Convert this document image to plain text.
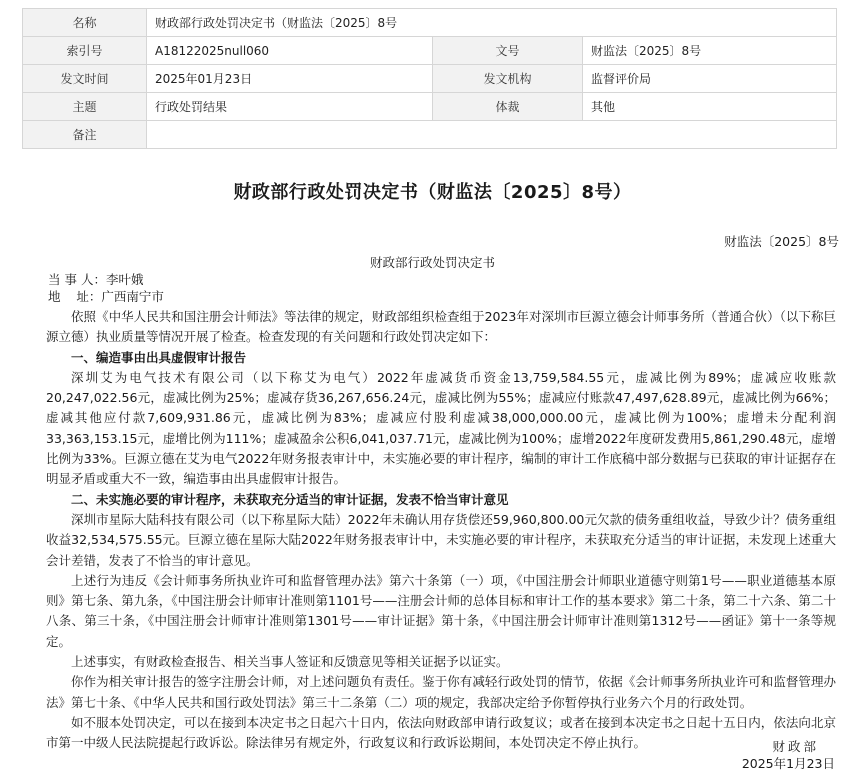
名称	财政部行政处罚决定书（财监法〔2025〕8号		
索引号	A18122025null060	文号	财监法〔2025〕8号
发文时间	2025年01月23日	发文机构	监督评价局
主题	行政处罚结果	体裁	其他
备注			
财政部行政处罚决定书（财监法〔2025〕8号）
财监法〔2025〕8号
财政部行政处罚决定书
当 事 人：李叶娥
地    址：广西南宁市

依照《中华人民共和国注册会计师法》等法律的规定，财政部组织检查组于2023年对深圳市巨源立德会计师事务所（普通合伙）（以下称巨源立德）执业质量等情况开展了检查。检查发现的有关问题和行政处罚决定如下：

一、编造事由出具虚假审计报告

深圳艾为电气技术有限公司（以下称艾为电气）2022年虚减货币资金13,759,584.55元，虚减比例为89%；虚减应收账款20,247,022.56元，虚减比例为25%；虚减存货36,267,656.24元，虚减比例为55%；虚减应付账款47,497,628.89元，虚减比例为66%；虚减其他应付款7,609,931.86元，虚减比例为83%；虚减应付股利虚减38,000,000.00元，虚减比例为100%；虚增未分配利润33,363,153.15元，虚增比例为111%；虚减盈余公积6,041,037.71元，虚减比例为100%；虚增2022年度研发费用5,861,290.48元，虚增比例为33%。巨源立德在艾为电气2022年财务报表审计中，未实施必要的审计程序，编制的审计工作底稿中部分数据与已获取的审计证据存在明显矛盾或重大不一致，编造事由出具虚假审计报告。

二、未实施必要的审计程序，未获取充分适当的审计证据，发表不恰当审计意见

深圳市星际大陆科技有限公司（以下称星际大陆）2022年未确认用存货偿还59,960,800.00元欠款的债务重组收益，导致少计？债务重组收益32,534,575.55元。巨源立德在星际大陆2022年财务报表审计中，未实施必要的审计程序，未获取充分适当的审计证据，未发现上述重大会计差错，发表了不恰当的审计意见。

上述行为违反《会计师事务所执业许可和监督管理办法》第六十条第（一）项，《中国注册会计师职业道德守则第1号——职业道德基本原则》第七条、第九条，《中国注册会计师审计准则第1101号——注册会计师的总体目标和审计工作的基本要求》第二十条，第二十六条、第二十八条、第三十条，《中国注册会计师审计准则第1301号——审计证据》第十条，《中国注册会计师审计准则第1312号——函证》第十一条等规定。

上述事实，有财政检查报告、相关当事人签证和反馈意见等相关证据予以证实。

你作为相关审计报告的签字注册会计师，对上述问题负有责任。鉴于你有减轻行政处罚的情节，依据《会计师事务所执业许可和监督管理办法》第七十条、《中华人民共和国行政处罚法》第三十二条第（二）项的规定，我部决定给予你暂停执行业务六个月的行政处罚。

如不服本处罚决定，可以在接到本决定书之日起六十日内，依法向财政部申请行政复议；或者在接到本决定书之日起十五日内，依法向北京市第一中级人民法院提起行政诉讼。除法律另有规定外，行政复议和行政诉讼期间，本处罚决定不停止执行。	财政部
2025年1月23日
